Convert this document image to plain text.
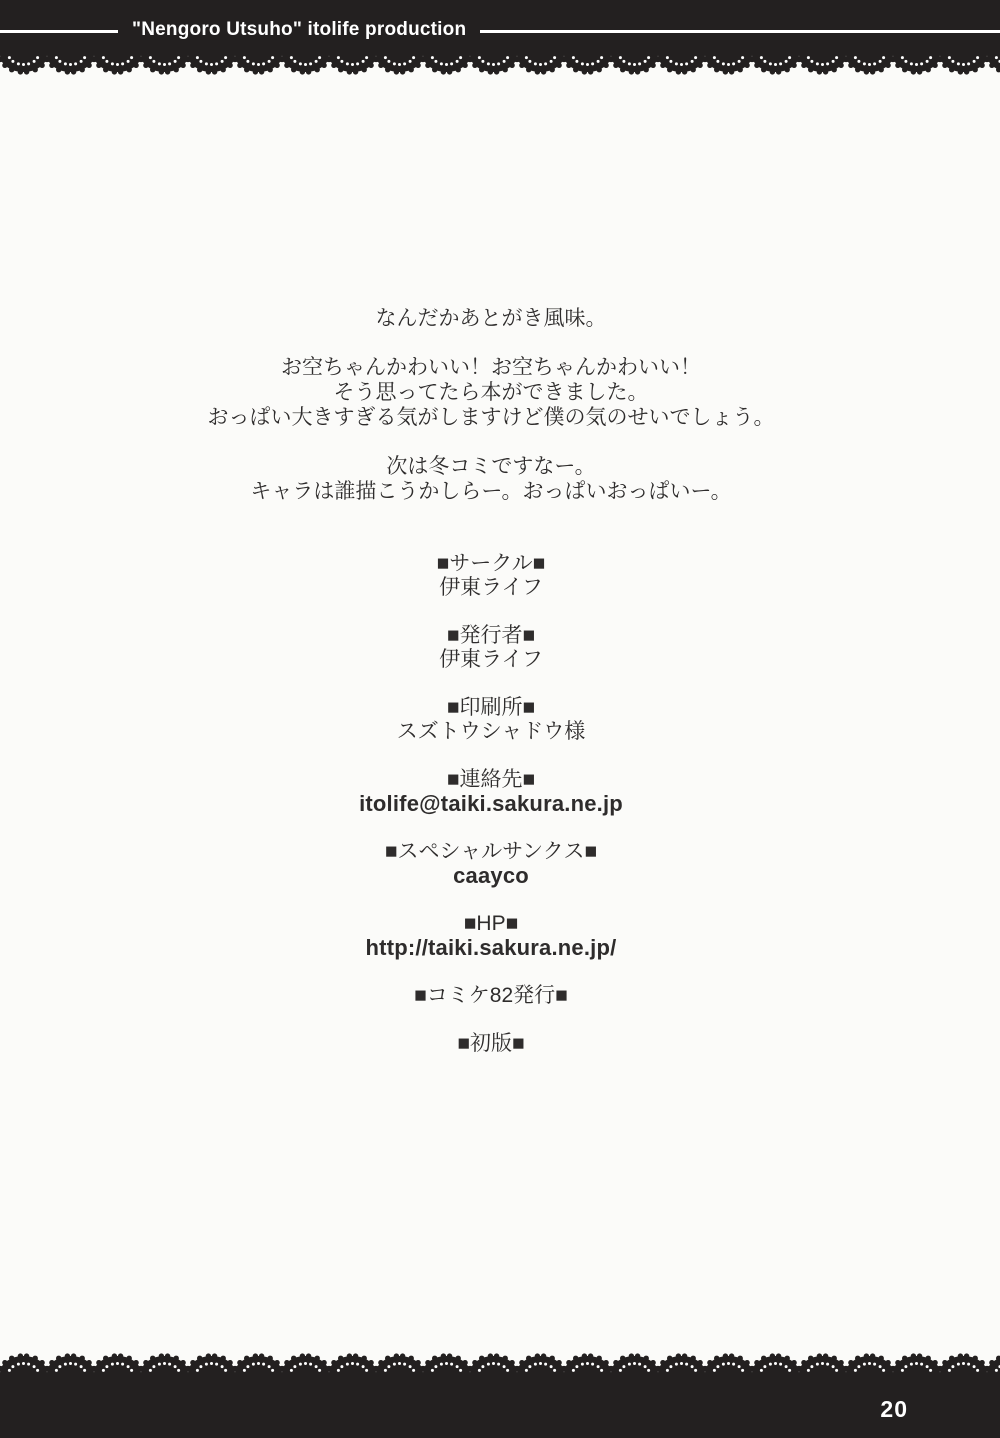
"Nengoro Utsuho" itolife production
なんだかあとがき風味。
お空ちゃんかわいい！お空ちゃんかわいい！
そう思ってたら本ができました。
おっぱい大きすぎる気がしますけど僕の気のせいでしょう。
次は冬コミですなー。
キャラは誰描こうかしらー。おっぱいおっぱいー。
■サークル■
伊東ライフ
■発行者■
伊東ライフ
■印刷所■
スズトウシャドウ様
■連絡先■
itolife@taiki.sakura.ne.jp
■スペシャルサンクス■
caayco
■HP■
http://taiki.sakura.ne.jp/
■コミケ82発行■
■初版■
20
